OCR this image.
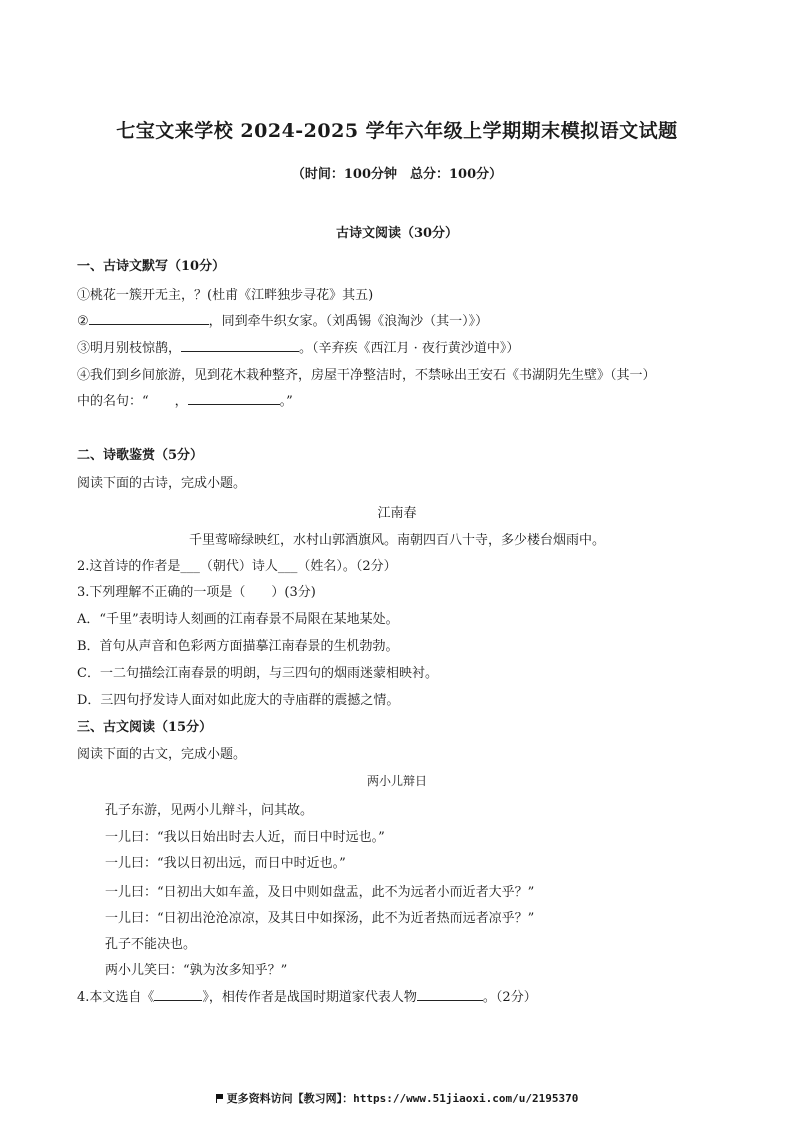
七宝文来学校 2024-2025 学年六年级上学期期末模拟语文试题
（时间：100分钟　总分：100分）
古诗文阅读（30分）
一、古诗文默写（10分）
①桃花一簇开无主，？(杜甫《江畔独步寻花》其五)
②	，同到牵牛织女家。（刘禹锡《浪淘沙（其一）》）
③明月别枝惊鹊，	。（辛弃疾《西江月 · 夜行黄沙道中》）
④我们到乡间旅游，见到花木栽种整齐，房屋干净整洁时，不禁咏出王安石《书湖阴先生壁》（其一）
中的名句：“　　，	。”
二、诗歌鉴赏（5分）
阅读下面的古诗，完成小题。
江南春
千里莺啼绿映红，水村山郭酒旗风。南朝四百八十寺，多少楼台烟雨中。
2.这首诗的作者是___（朝代）诗人___（姓名）。（2分）
3.下列理解不正确的一项是（　　）(3分)
A．“千里”表明诗人刻画的江南春景不局限在某地某处。
B．首句从声音和色彩两方面描摹江南春景的生机勃勃。
C．一二句描绘江南春景的明朗，与三四句的烟雨迷蒙相映衬。
D．三四句抒发诗人面对如此庞大的寺庙群的震撼之情。
三、古文阅读（15分）
阅读下面的古文，完成小题。
两小儿辩日
孔子东游，见两小儿辩斗，问其故。
一儿曰：“我以日始出时去人近，而日中时远也。”
一儿曰：“我以日初出远，而日中时近也。”
一儿曰：“日初出大如车盖，及日中则如盘盂，此不为远者小而近者大乎？”
一儿曰：“日初出沧沧凉凉，及其日中如探汤，此不为近者热而远者凉乎？”
孔子不能决也。
两小儿笑曰：“孰为汝多知乎？”
4.本文选自《	》，相传作者是战国时期道家代表人物	。（2分）
更多资料访问【教习网】：https://www.51jiaoxi.com/u/2195370
